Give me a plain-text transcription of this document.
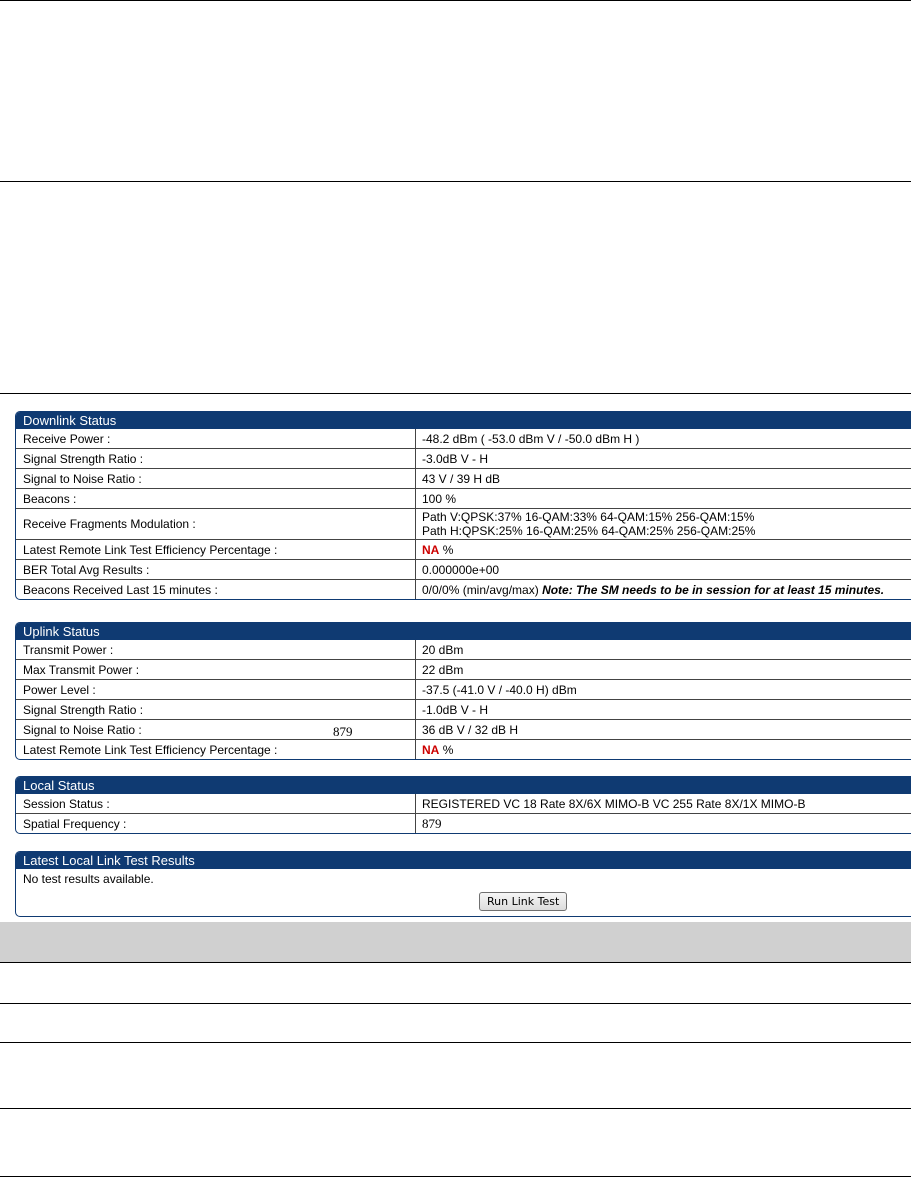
Downlink Status
Receive Power :	-48.2 dBm ( -53.0 dBm V / -50.0 dBm H )
Signal Strength Ratio :	-3.0dB V - H
Signal to Noise Ratio :	43 V / 39 H dB
Beacons :	100 %
Receive Fragments Modulation :	Path V:QPSK:37% 16-QAM:33% 64-QAM:15% 256-QAM:15%
Path H:QPSK:25% 16-QAM:25% 64-QAM:25% 256-QAM:25%

Latest Remote Link Test Efficiency Percentage :	NA %
BER Total Avg Results :	0.000000e+00
Beacons Received Last 15 minutes :	0/0/0% (min/avg/max) Note: The SM needs to be in session for at least 15 minutes.
Uplink Status
Transmit Power :	20 dBm
Max Transmit Power :	22 dBm
Power Level :	-37.5 (-41.0 V / -40.0 H) dBm
Signal Strength Ratio :	-1.0dB V - H
Signal to Noise Ratio :	36 dB V / 32 dB H
Latest Remote Link Test Efficiency Percentage :	NA %
879
Local Status
Session Status :	REGISTERED VC 18 Rate 8X/6X MIMO-B VC 255 Rate 8X/1X MIMO-B
Spatial Frequency :	879
Latest Local Link Test Results
No test results available.
Run Link Test
